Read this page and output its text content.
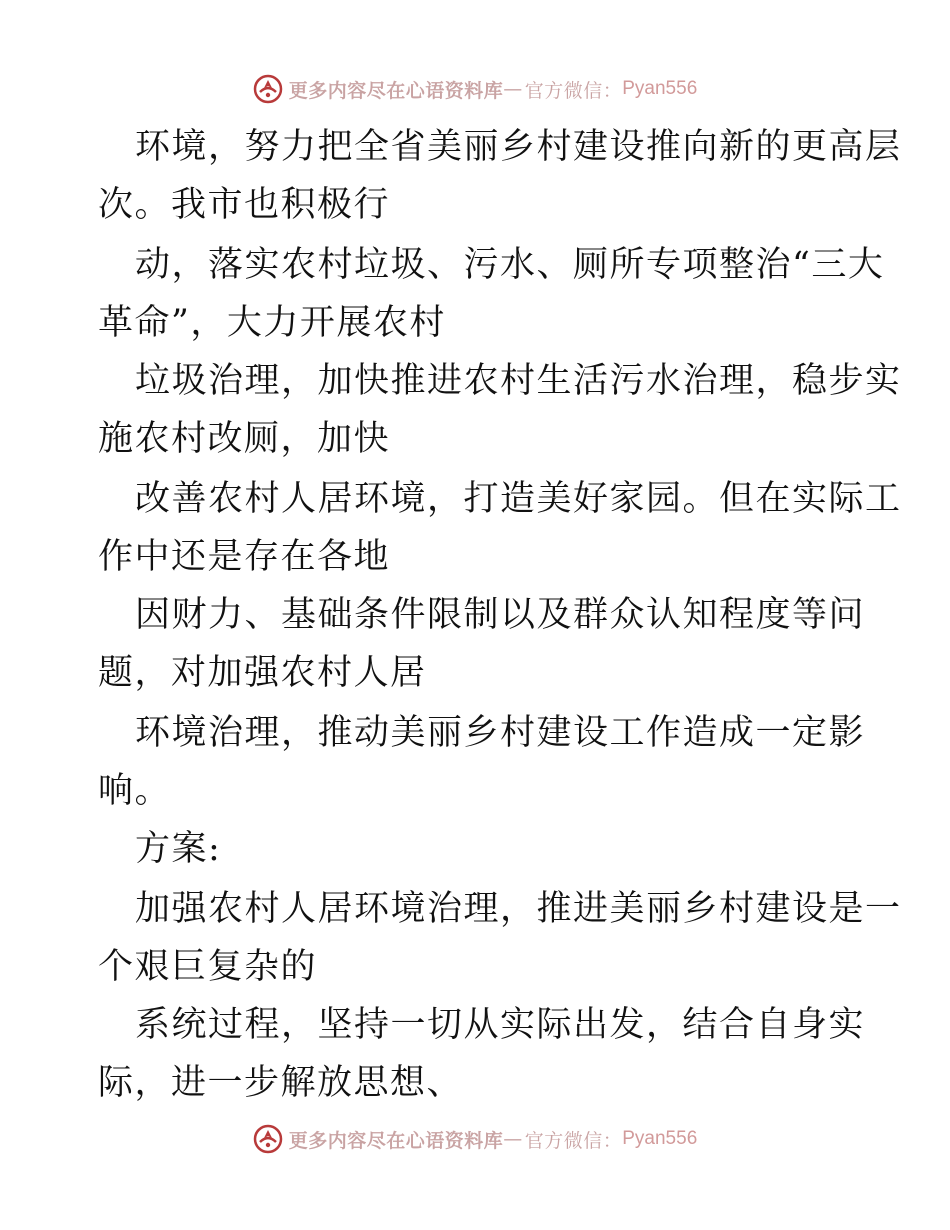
更多内容尽在心语资料库 — 官方微信： Pyan556
环境，努力把全省美丽乡村建设推向新的更高层
次。我市也积极行
动，落实农村垃圾、污水、厕所专项整治“三大
革命”，大力开展农村
垃圾治理，加快推进农村生活污水治理，稳步实
施农村改厕，加快
改善农村人居环境，打造美好家园。但在实际工
作中还是存在各地
因财力、基础条件限制以及群众认知程度等问
题，对加强农村人居
环境治理，推动美丽乡村建设工作造成一定影
响。
方案:
加强农村人居环境治理，推进美丽乡村建设是一
个艰巨复杂的
系统过程，坚持一切从实际出发，结合自身实
际，进一步解放思想、
更多内容尽在心语资料库 — 官方微信： Pyan556
